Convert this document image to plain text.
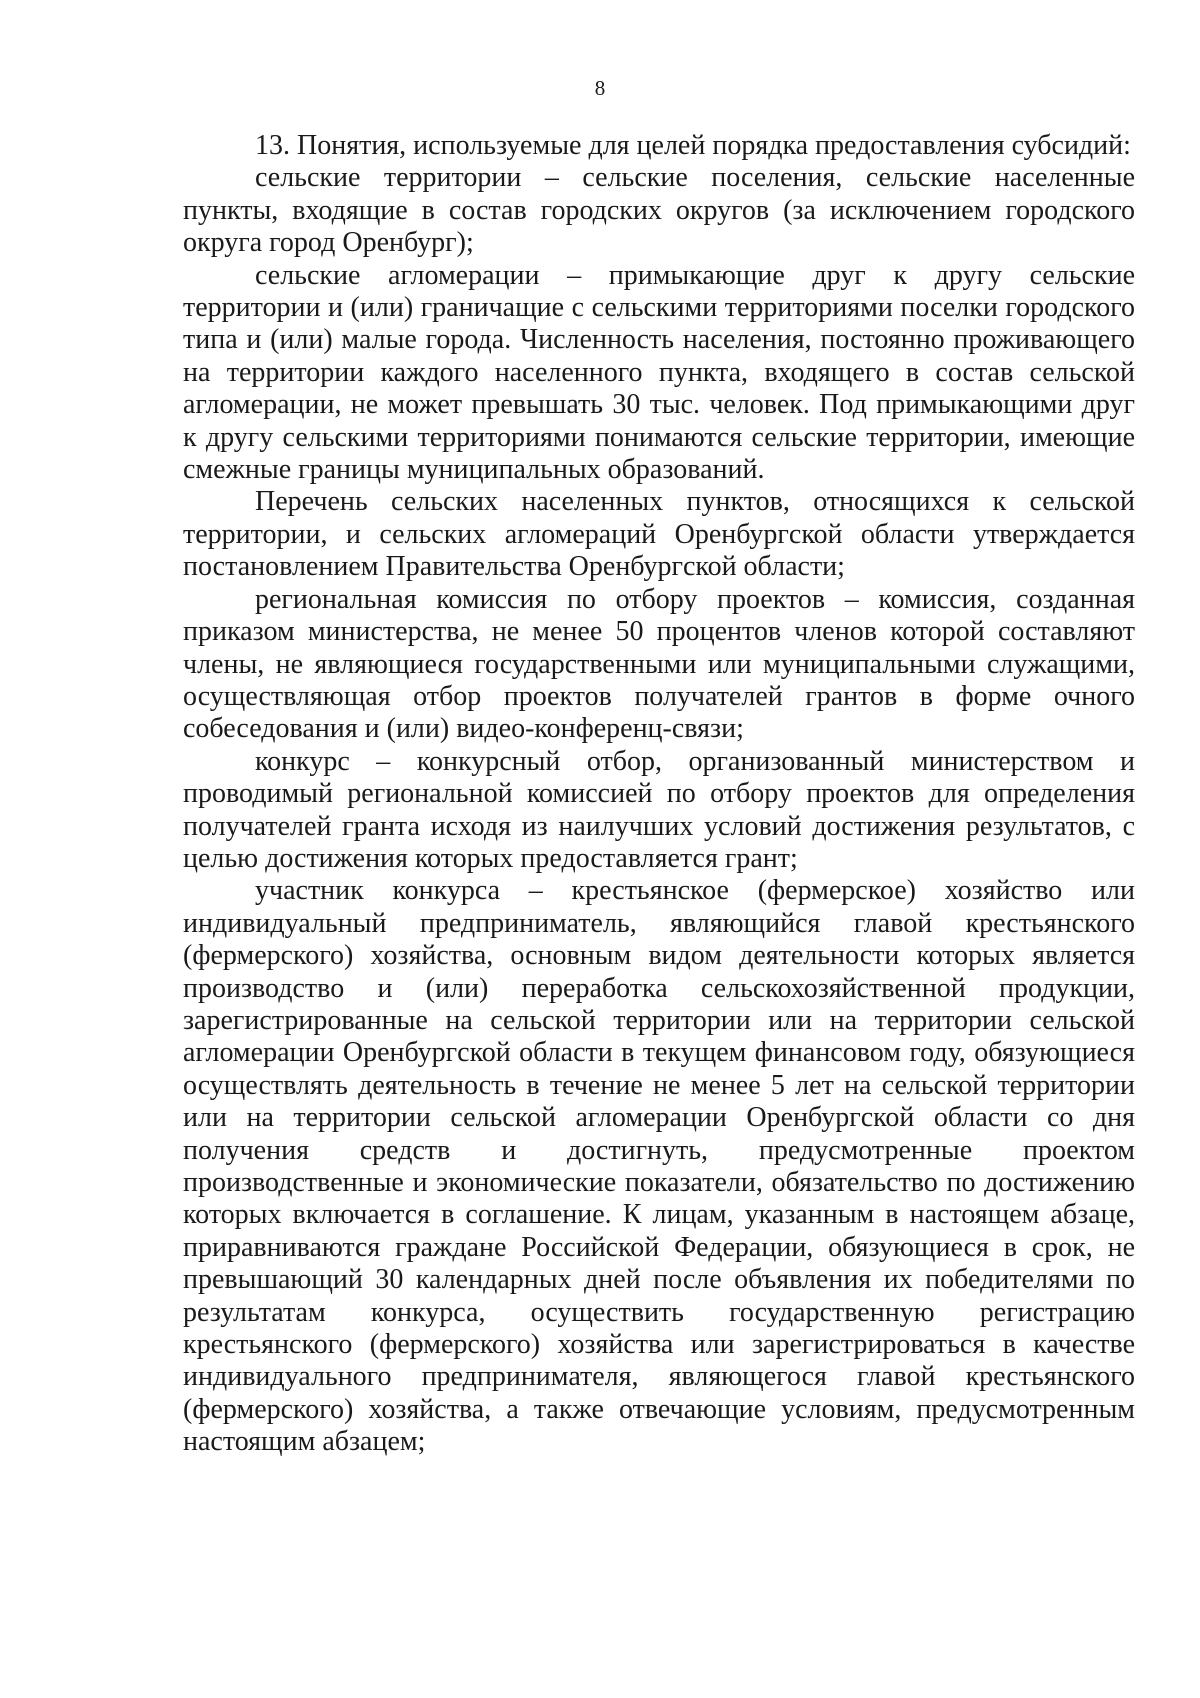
8

13. Понятия, используемые для целей порядка предоставления субсидий:

сельские территории – сельские поселения, сельские населенные пункты, входящие в состав городских округов (за исключением городского округа город Оренбург);

сельские агломерации – примыкающие друг к другу сельские территории и (или) граничащие с сельскими территориями поселки городского типа и (или) малые города. Численность населения, постоянно проживающего на территории каждого населенного пункта, входящего в состав сельской агломерации, не может превышать 30 тыс. человек. Под примыкающими друг к другу сельскими территориями понимаются сельские территории, имеющие смежные границы муниципальных образований.

Перечень сельских населенных пунктов, относящихся к сельской территории, и сельских агломераций Оренбургской области утверждается постановлением Правительства Оренбургской области;

региональная комиссия по отбору проектов – комиссия, созданная приказом министерства, не менее 50 процентов членов которой составляют члены, не являющиеся государственными или муниципальными служащими, осуществляющая отбор проектов получателей грантов в форме очного собеседования и (или) видео-конференц-связи;

конкурс – конкурсный отбор, организованный министерством и проводимый региональной комиссией по отбору проектов для определения получателей гранта исходя из наилучших условий достижения результатов, с целью достижения которых предоставляется грант;

участник конкурса – крестьянское (фермерское) хозяйство или индивидуальный предприниматель, являющийся главой крестьянского (фермерского) хозяйства, основным видом деятельности которых является производство и (или) переработка сельскохозяйственной продукции, зарегистрированные на сельской территории или на территории сельской агломерации Оренбургской области в текущем финансовом году, обязующиеся осуществлять деятельность в течение не менее 5 лет на сельской территории или на территории сельской агломерации Оренбургской области со дня получения средств и достигнуть, предусмотренные проектом производственные и экономические показатели, обязательство по достижению которых включается в соглашение. К лицам, указанным в настоящем абзаце, приравниваются граждане Российской Федерации, обязующиеся в срок, не превышающий 30 календарных дней после объявления их победителями по результатам конкурса, осуществить государственную регистрацию крестьянского (фермерского) хозяйства или зарегистрироваться в качестве индивидуального предпринимателя, являющегося главой крестьянского (фермерского) хозяйства, а также отвечающие условиям, предусмотренным настоящим абзацем;
